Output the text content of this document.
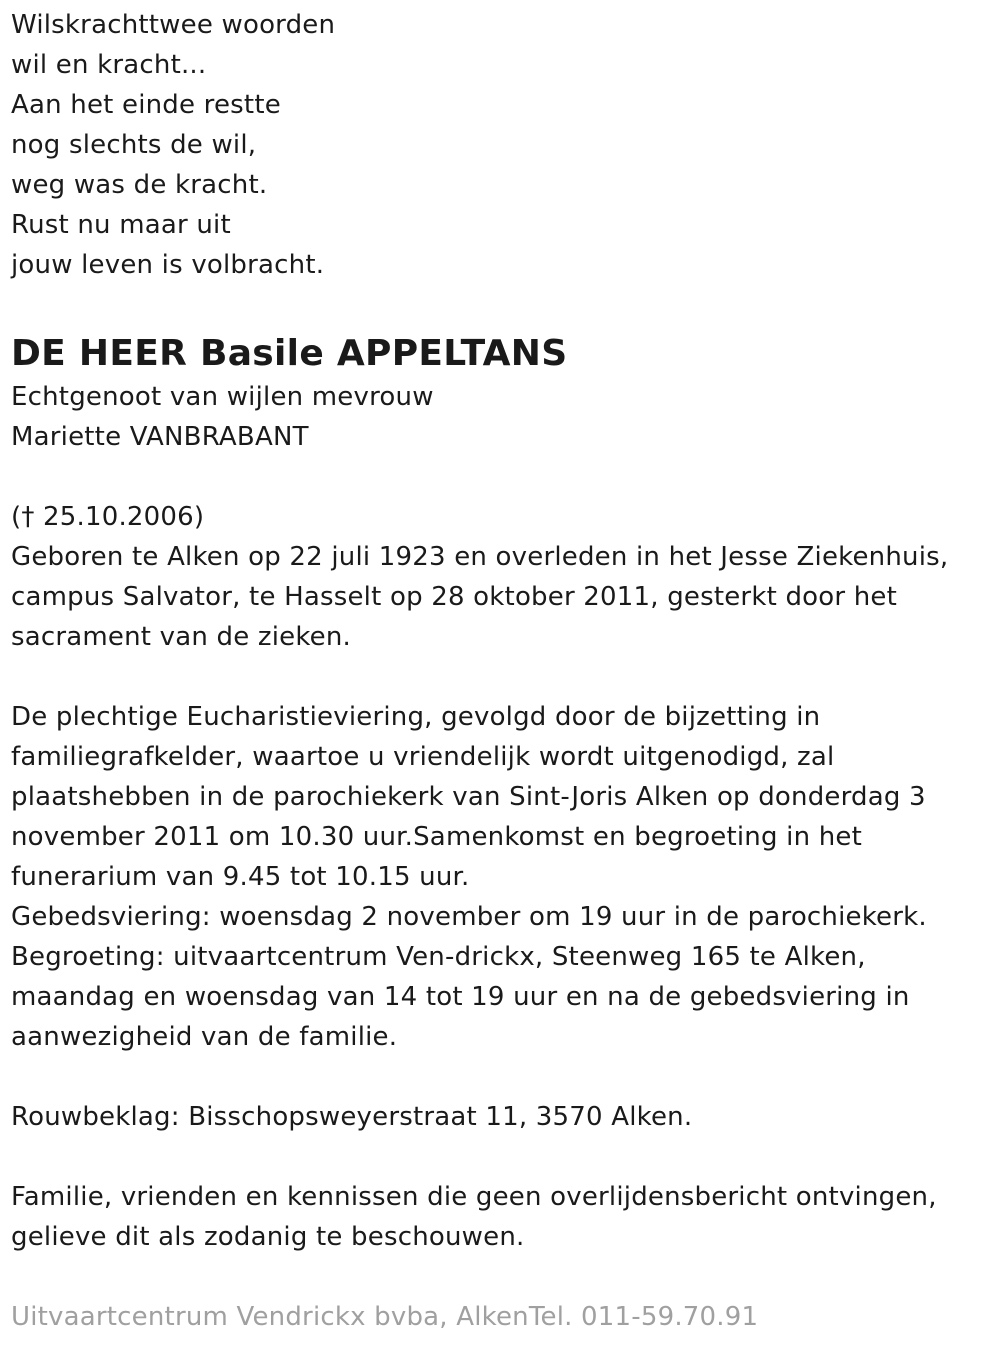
Wilskrachttwee woorden
wil en kracht...
Aan het einde restte
nog slechts de wil,
weg was de kracht.
Rust nu maar uit
jouw leven is volbracht.
DE HEER Basile APPELTANS
Echtgenoot van wijlen mevrouw
Mariette VANBRABANT
(† 25.10.2006)
Geboren te Alken op 22 juli 1923 en overleden in het Jesse Ziekenhuis,
campus Salvator, te Hasselt op 28 oktober 2011, gesterkt door het
sacrament van de zieken.
De plechtige Eucharistieviering, gevolgd door de bijzetting in
familiegrafkelder, waartoe u vriendelijk wordt uitgenodigd, zal
plaatshebben in de parochiekerk van Sint-Joris Alken op donderdag 3
november 2011 om 10.30 uur.Samenkomst en begroeting in het
funerarium van 9.45 tot 10.15 uur.
Gebedsviering: woensdag 2 november om 19 uur in de parochiekerk.
Begroeting: uitvaartcentrum Ven-drickx, Steenweg 165 te Alken,
maandag en woensdag van 14 tot 19 uur en na de gebedsviering in
aanwezigheid van de familie.
Rouwbeklag: Bisschopsweyerstraat 11, 3570 Alken.
Familie, vrienden en kennissen die geen overlijdensbericht ontvingen,
gelieve dit als zodanig te beschouwen.
Uitvaartcentrum Vendrickx bvba, AlkenTel. 011-59.70.91
